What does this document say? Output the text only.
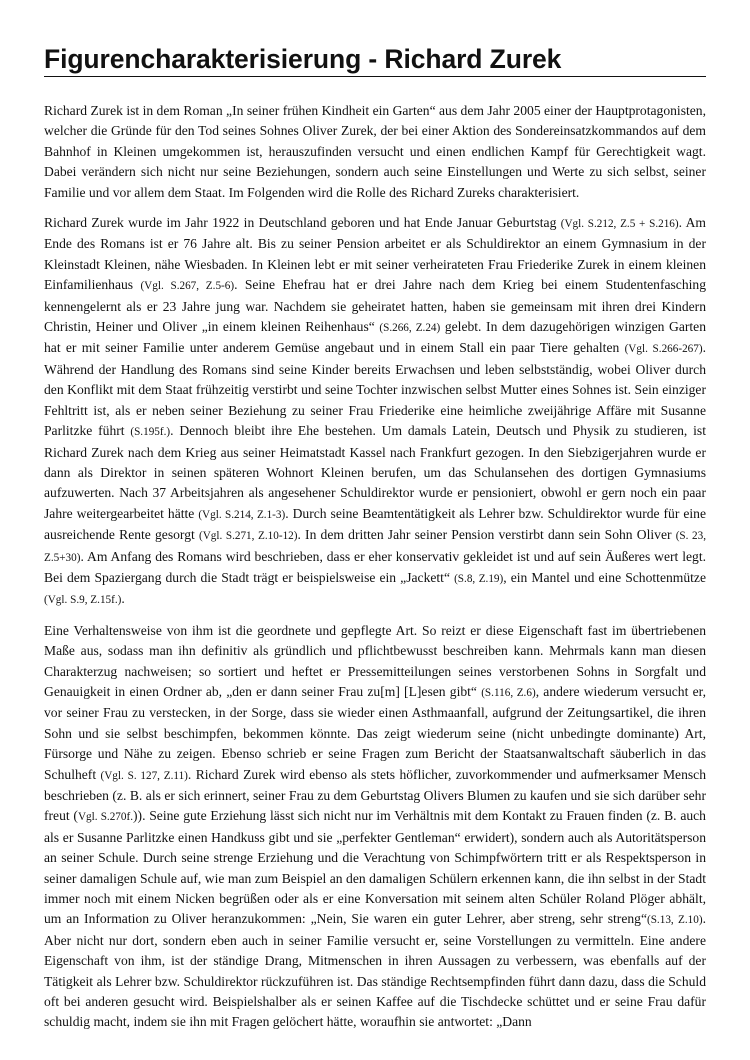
Figurencharakterisierung - Richard Zurek

Richard Zurek ist in dem Roman „In seiner frühen Kindheit ein Garten“ aus dem Jahr 2005 einer der Hauptprotagonisten, welcher die Gründe für den Tod seines Sohnes Oliver Zurek, der bei einer Aktion des Sondereinsatzkommandos auf dem Bahnhof in Kleinen umgekommen ist, herauszufinden versucht und einen endlichen Kampf für Gerechtigkeit wagt. Dabei verändern sich nicht nur seine Beziehungen, sondern auch seine Einstellungen und Werte zu sich selbst, seiner Familie und vor allem dem Staat. Im Folgenden wird die Rolle des Richard Zureks charakterisiert.

Richard Zurek wurde im Jahr 1922 in Deutschland geboren und hat Ende Januar Geburtstag (Vgl. S.212, Z.5 + S.216). Am Ende des Romans ist er 76 Jahre alt. Bis zu seiner Pension arbeitet er als Schuldirektor an einem Gymnasium in der Kleinstadt Kleinen, nähe Wiesbaden. In Kleinen lebt er mit seiner verheirateten Frau Friederike Zurek in einem kleinen Einfamilienhaus (Vgl. S.267, Z.5-6). Seine Ehefrau hat er drei Jahre nach dem Krieg bei einem Studentenfasching kennengelernt als er 23 Jahre jung war. Nachdem sie geheiratet hatten, haben sie gemeinsam mit ihren drei Kindern Christin, Heiner und Oliver „in einem kleinen Reihenhaus“ (S.266, Z.24) gelebt. In dem dazugehörigen winzigen Garten hat er mit seiner Familie unter anderem Gemüse angebaut und in einem Stall ein paar Tiere gehalten (Vgl. S.266-267). Während der Handlung des Romans sind seine Kinder bereits Erwachsen und leben selbstständig, wobei Oliver durch den Konflikt mit dem Staat frühzeitig verstirbt und seine Tochter inzwischen selbst Mutter eines Sohnes ist. Sein einziger Fehltritt ist, als er neben seiner Beziehung zu seiner Frau Friederike eine heimliche zweijährige Affäre mit Susanne Parlitzke führt (S.195f.). Dennoch bleibt ihre Ehe bestehen. Um damals Latein, Deutsch und Physik zu studieren, ist Richard Zurek nach dem Krieg aus seiner Heimatstadt Kassel nach Frankfurt gezogen. In den Siebzigerjahren wurde er dann als Direktor in seinen späteren Wohnort Kleinen berufen, um das Schulansehen des dortigen Gymnasiums aufzuwerten. Nach 37 Arbeitsjahren als angesehener Schuldirektor wurde er pensioniert, obwohl er gern noch ein paar Jahre weitergearbeitet hätte (Vgl. S.214, Z.1-3). Durch seine Beamtentätigkeit als Lehrer bzw. Schuldirektor wurde für eine ausreichende Rente gesorgt (Vgl. S.271, Z.10-12). In dem dritten Jahr seiner Pension verstirbt dann sein Sohn Oliver (S. 23, Z.5+30). Am Anfang des Romans wird beschrieben, dass er eher konservativ gekleidet ist und auf sein Äußeres wert legt. Bei dem Spaziergang durch die Stadt trägt er beispielsweise ein „Jackett“ (S.8, Z.19), ein Mantel und eine Schottenmütze (Vgl. S.9, Z.15f.).

Eine Verhaltensweise von ihm ist die geordnete und gepflegte Art. So reizt er diese Eigenschaft fast im übertriebenen Maße aus, sodass man ihn definitiv als gründlich und pflichtbewusst beschreiben kann. Mehrmals kann man diesen Charakterzug nachweisen; so sortiert und heftet er Pressemitteilungen seines verstorbenen Sohns in Sorgfalt und Genauigkeit in einen Ordner ab, „den er dann seiner Frau zu[m] [L]esen gibt“ (S.116, Z.6), andere wiederum versucht er, vor seiner Frau zu verstecken, in der Sorge, dass sie wieder einen Asthmaanfall, aufgrund der Zeitungsartikel, die ihren Sohn und sie selbst beschimpfen, bekommen könnte. Das zeigt wiederum seine (nicht unbedingte dominante) Art, Fürsorge und Nähe zu zeigen. Ebenso schrieb er seine Fragen zum Bericht der Staatsanwaltschaft säuberlich in das Schulheft (Vgl. S. 127, Z.11). Richard Zurek wird ebenso als stets höflicher, zuvorkommender und aufmerksamer Mensch beschrieben (z. B. als er sich erinnert, seiner Frau zu dem Geburtstag Olivers Blumen zu kaufen und sie sich darüber sehr freut (Vgl. S.270f.)). Seine gute Erziehung lässt sich nicht nur im Verhältnis mit dem Kontakt zu Frauen finden (z. B. auch als er Susanne Parlitzke einen Handkuss gibt und sie „perfekter Gentleman“ erwidert), sondern auch als Autoritätsperson an seiner Schule. Durch seine strenge Erziehung und die Verachtung von Schimpfwörtern tritt er als Respektsperson in seiner damaligen Schule auf, wie man zum Beispiel an den damaligen Schülern erkennen kann, die ihn selbst in der Stadt immer noch mit einem Nicken begrüßen oder als er eine Konversation mit seinem alten Schüler Roland Plöger abhält, um an Information zu Oliver heranzukommen: „Nein, Sie waren ein guter Lehrer, aber streng, sehr streng“(S.13, Z.10). Aber nicht nur dort, sondern eben auch in seiner Familie versucht er, seine Vorstellungen zu vermitteln. Eine andere Eigenschaft von ihm, ist der ständige Drang, Mitmenschen in ihren Aussagen zu verbessern, was ebenfalls auf der Tätigkeit als Lehrer bzw. Schuldirektor rückzuführen ist. Das ständige Rechtsempfinden führt dann dazu, dass die Schuld oft bei anderen gesucht wird. Beispielshalber als er seinen Kaffee auf die Tischdecke schüttet und er seine Frau dafür schuldig macht, indem sie ihn mit Fragen gelöchert hätte, woraufhin sie antwortet: „Dann
